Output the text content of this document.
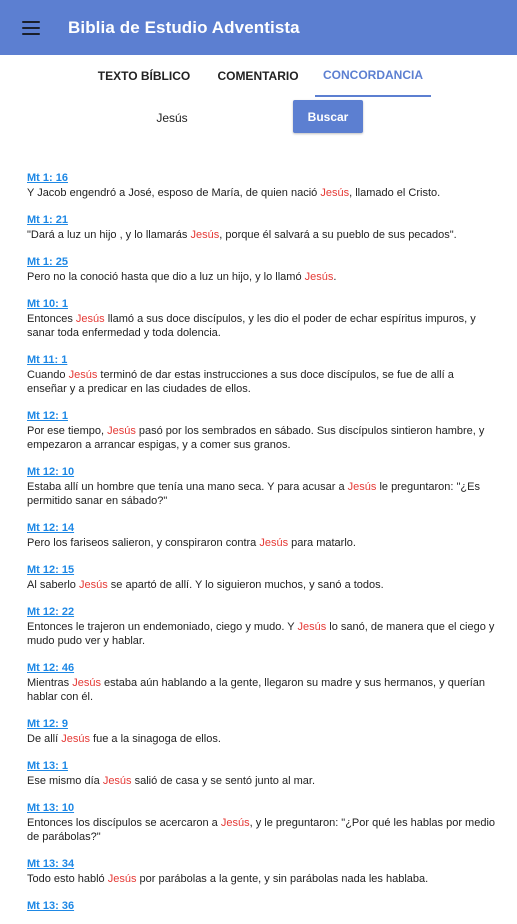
Biblia de Estudio Adventista
TEXTO BÍBLICO	COMENTARIO	CONCORDANCIA
Jesús
Buscar
Mt 1: 16
Y Jacob engendró a José, esposo de María, de quien nació Jesús, llamado el Cristo.
Mt 1: 21
"Dará a luz un hijo , y lo llamarás Jesús, porque él salvará a su pueblo de sus pecados".
Mt 1: 25
Pero no la conoció hasta que dio a luz un hijo, y lo llamó Jesús.
Mt 10: 1
Entonces Jesús llamó a sus doce discípulos, y les dio el poder de echar espíritus impuros, y sanar toda enfermedad y toda dolencia.
Mt 11: 1
Cuando Jesús terminó de dar estas instrucciones a sus doce discípulos, se fue de allí a enseñar y a predicar en las ciudades de ellos.
Mt 12: 1
Por ese tiempo, Jesús pasó por los sembrados en sábado. Sus discípulos sintieron hambre, y empezaron a arrancar espigas, y a comer sus granos.
Mt 12: 10
Estaba allí un hombre que tenía una mano seca. Y para acusar a Jesús le preguntaron: "¿Es permitido sanar en sábado?"
Mt 12: 14
Pero los fariseos salieron, y conspiraron contra Jesús para matarlo.
Mt 12: 15
Al saberlo Jesús se apartó de allí. Y lo siguieron muchos, y sanó a todos.
Mt 12: 22
Entonces le trajeron un endemoniado, ciego y mudo. Y Jesús lo sanó, de manera que el ciego y mudo pudo ver y hablar.
Mt 12: 46
Mientras Jesús estaba aún hablando a la gente, llegaron su madre y sus hermanos, y querían hablar con él.
Mt 12: 9
De allí Jesús fue a la sinagoga de ellos.
Mt 13: 1
Ese mismo día Jesús salió de casa y se sentó junto al mar.
Mt 13: 10
Entonces los discípulos se acercaron a Jesús, y le preguntaron: "¿Por qué les hablas por medio de parábolas?"
Mt 13: 34
Todo esto habló Jesús por parábolas a la gente, y sin parábolas nada les hablaba.
Mt 13: 36
